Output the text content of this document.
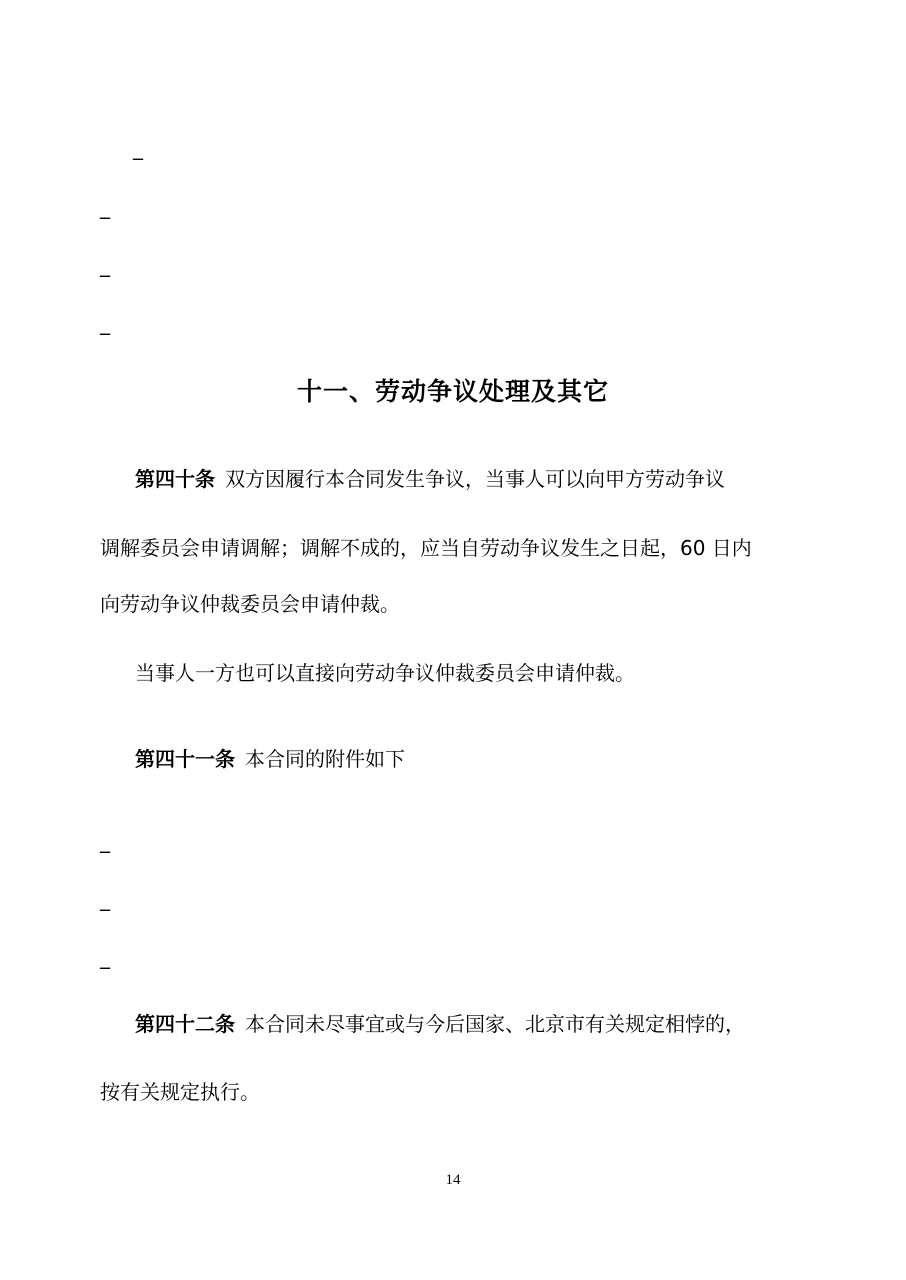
_
_
_
_
十一、劳动争议处理及其它
第四十条 双方因履行本合同发生争议，当事人可以向甲方劳动争议
调解委员会申请调解；调解不成的，应当自劳动争议发生之日起，60 日内
向劳动争议仲裁委员会申请仲裁。
当事人一方也可以直接向劳动争议仲裁委员会申请仲裁。
第四十一条 本合同的附件如下
_
_
_
第四十二条 本合同未尽事宜或与今后国家、北京市有关规定相悖的，
按有关规定执行。
14
